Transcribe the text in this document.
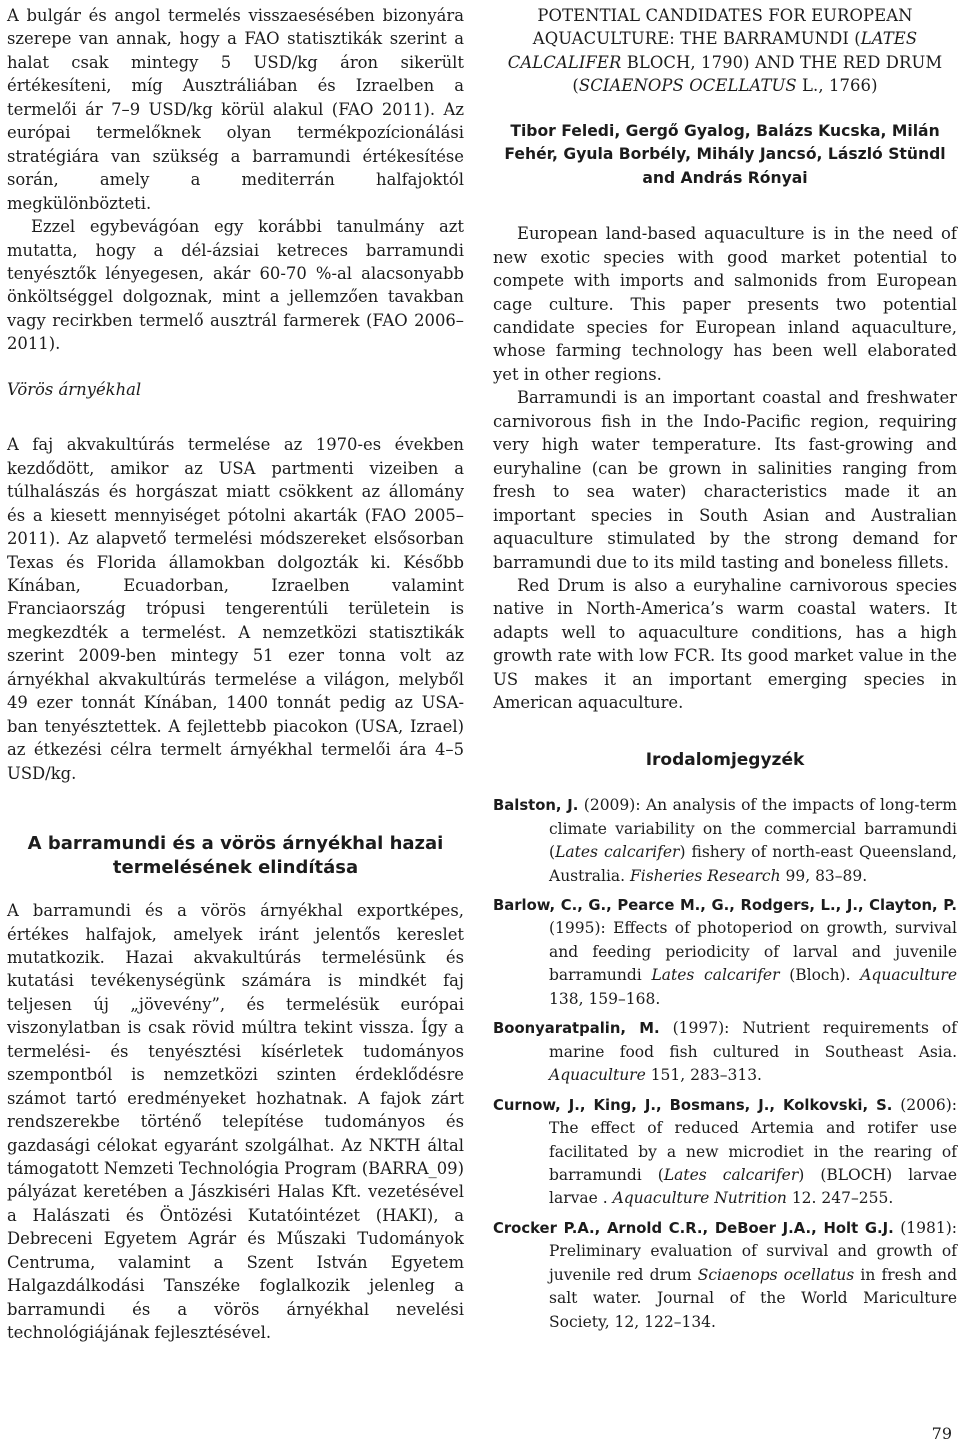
A bulgár és angol termelés visszaesésében bizonyára szerepe van annak, hogy a FAO statisztikák szerint a halat csak mintegy 5 USD/kg áron sikerült értékesíteni, míg Ausztráliában és Izraelben a termelői ár 7–9 USD/kg körül alakul (FAO 2011). Az európai termelőknek olyan termékpozícionálási stratégiára van szükség a barramundi értékesítése során, amely a mediterrán halfajoktól megkülönbözteti.

Ezzel egybevágóan egy korábbi tanulmány azt mutatta, hogy a dél-ázsiai ketreces barramundi tenyésztők lényegesen, akár 60-70 %-al alacsonyabb önköltséggel dolgoznak, mint a jellemzően tavakban vagy recirkben termelő ausztrál farmerek (FAO 2006–2011).

Vörös árnyékhal

A faj akvakultúrás termelése az 1970-es években kezdődött, amikor az USA partmenti vizeiben a túlhalászás és horgászat miatt csökkent az állomány és a kiesett mennyiséget pótolni akarták (FAO 2005–2011). Az alapvető termelési módszereket elsősorban Texas és Florida államokban dolgozták ki. Később Kínában, Ecuadorban, Izraelben valamint Franciaország trópusi tengerentúli területein is megkezdték a termelést. A nemzetközi statisztikák szerint 2009-ben mintegy 51 ezer tonna volt az árnyékhal akvakultúrás termelése a világon, melyből 49 ezer tonnát Kínában, 1400 tonnát pedig az USA-ban tenyésztettek. A fejlettebb piacokon (USA, Izrael) az étkezési célra termelt árnyékhal termelői ára 4–5 USD/kg.

A barramundi és a vörös árnyékhal hazai termelésének elindítása

A barramundi és a vörös árnyékhal exportképes, értékes halfajok, amelyek iránt jelentős kereslet mutatkozik. Hazai akvakultúrás termelésünk és kutatási tevékenységünk számára is mindkét faj teljesen új „jövevény”, és termelésük európai viszonylatban is csak rövid múltra tekint vissza. Így a termelési- és tenyésztési kísérletek tudományos szempontból is nemzetközi szinten érdeklődésre számot tartó eredményeket hozhatnak. A fajok zárt rendszerekbe történő telepítése tudományos és gazdasági célokat egyaránt szolgálhat. Az NKTH által támogatott Nemzeti Technológia Program (BARRA_09) pályázat keretében a Jászkiséri Halas Kft. vezetésével a Halászati és Öntözési Kutatóintézet (HAKI), a Debreceni Egyetem Agrár és Műszaki Tudományok Centruma, valamint a Szent István Egyetem Halgazdálkodási Tanszéke foglalkozik jelenleg a barramundi és a vörös árnyékhal nevelési technológiájának fejlesztésével.

POTENTIAL CANDIDATES FOR EUROPEAN AQUACULTURE: THE BARRAMUNDI (LATES CALCALIFER BLOCH, 1790) AND THE RED DRUM (SCIAENOPS OCELLATUS L., 1766)
Tibor Feledi, Gergő Gyalog, Balázs Kucska, Milán Fehér, Gyula Borbély, Mihály Jancsó, László Stündl and András Rónyai

European land-based aquaculture is in the need of new exotic species with good market potential to compete with imports and salmonids from European cage culture. This paper presents two potential candidate species for European inland aquaculture, whose farming technology has been well elaborated yet in other regions.

Barramundi is an important coastal and freshwater carnivorous fish in the Indo-Pacific region, requiring very high water temperature. Its fast-growing and euryhaline (can be grown in salinities ranging from fresh to sea water) characteristics made it an important species in South Asian and Australian aquaculture stimulated by the strong demand for barramundi due to its mild tasting and boneless fillets.

Red Drum is also a euryhaline carnivorous species native in North-America’s warm coastal waters. It adapts well to aquaculture conditions, has a high growth rate with low FCR. Its good market value in the US makes it an important emerging species in American aquaculture.

Irodalomjegyzék
Balston, J. (2009): An analysis of the impacts of long-term climate variability on the commercial barramundi (Lates calcarifer) fishery of north-east Queensland, Australia. Fisheries Research 99, 83–89.
Barlow, C., G., Pearce M., G., Rodgers, L., J., Clayton, P. (1995): Effects of photoperiod on growth, survival and feeding periodicity of larval and juvenile barramundi Lates calcarifer (Bloch). Aquaculture 138, 159–168.
Boonyaratpalin, M. (1997): Nutrient requirements of marine food fish cultured in Southeast Asia. Aquaculture 151, 283–313.
Curnow, J., King, J., Bosmans, J., Kolkovski, S. (2006): The effect of reduced Artemia and rotifer use facilitated by a new microdiet in the rearing of barramundi (Lates calcarifer) (BLOCH) larvae larvae . Aquaculture Nutrition 12. 247–255.
Crocker P.A., Arnold C.R., DeBoer J.A., Holt G.J. (1981): Preliminary evaluation of survival and growth of juvenile red drum Sciaenops ocellatus in fresh and salt water. Journal of the World Mariculture Society, 12, 122–134.
79
